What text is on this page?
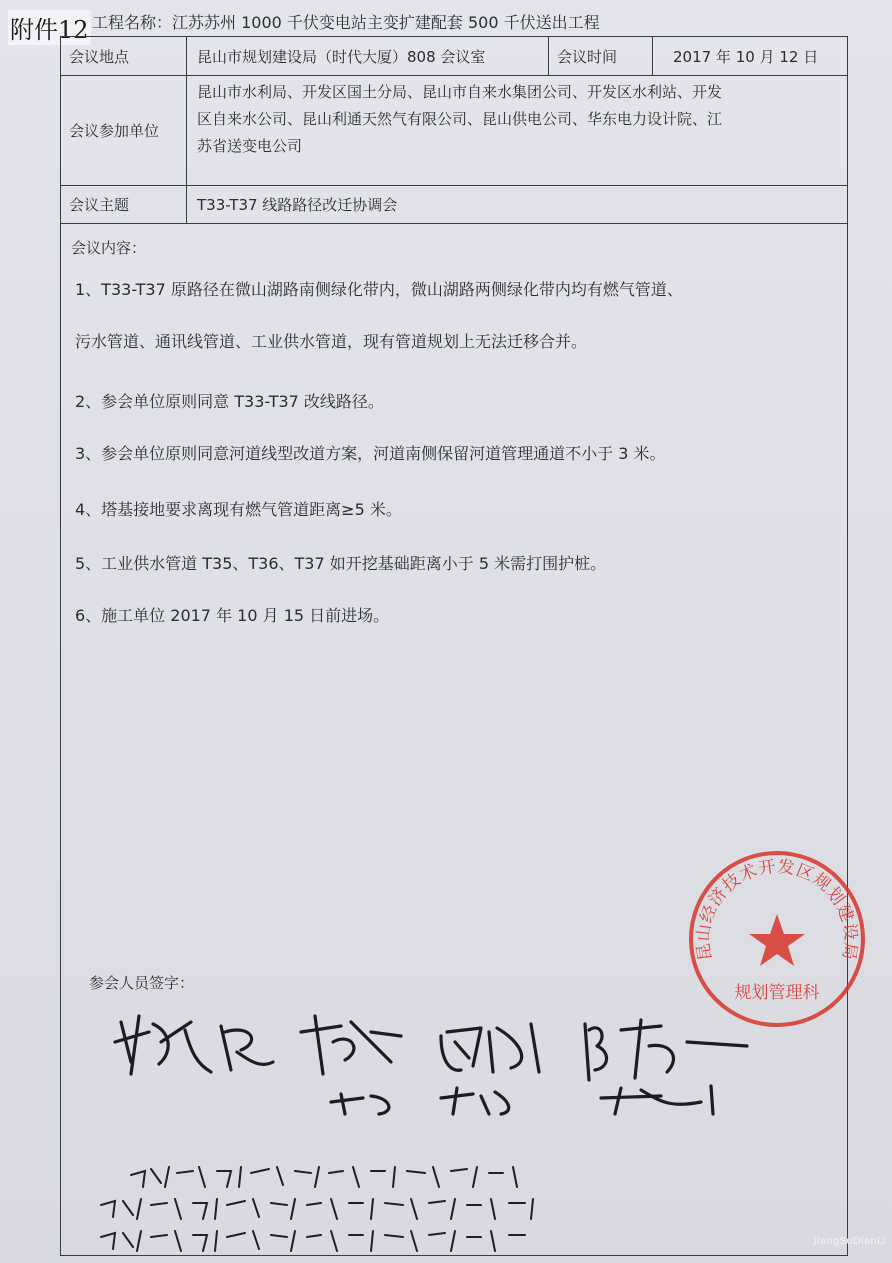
附件12 工程名称：江苏苏州 1000 千伏变电站主变扩建配套 500 千伏送出工程
会议地点	昆山市规划建设局（时代大厦）808 会议室	会议时间	2017 年 10 月 12 日
会议参加单位
昆山市水利局、开发区国土分局、昆山市自来水集团公司、开发区水利站、开发
区自来水公司、昆山利通天然气有限公司、昆山供电公司、华东电力设计院、江
苏省送变电公司
会议主题	T33-T37 线路路径改迁协调会
会议内容：
1、T33-T37 原路径在微山湖路南侧绿化带内，微山湖路两侧绿化带内均有燃气管道、
污水管道、通讯线管道、工业供水管道，现有管道规划上无法迁移合并。
2、参会单位原则同意 T33-T37 改线路径。
3、参会单位原则同意河道线型改道方案，河道南侧保留河道管理通道不小于 3 米。
4、塔基接地要求离现有燃气管道距离≥5 米。
5、工业供水管道 T35、T36、T37 如开挖基础距离小于 5 米需打围护桩。
6、施工单位 2017 年 10 月 15 日前进场。
参会人员签字：
昆山经济技术开发区规划建设局
规划管理科
JiangSuDianLi
